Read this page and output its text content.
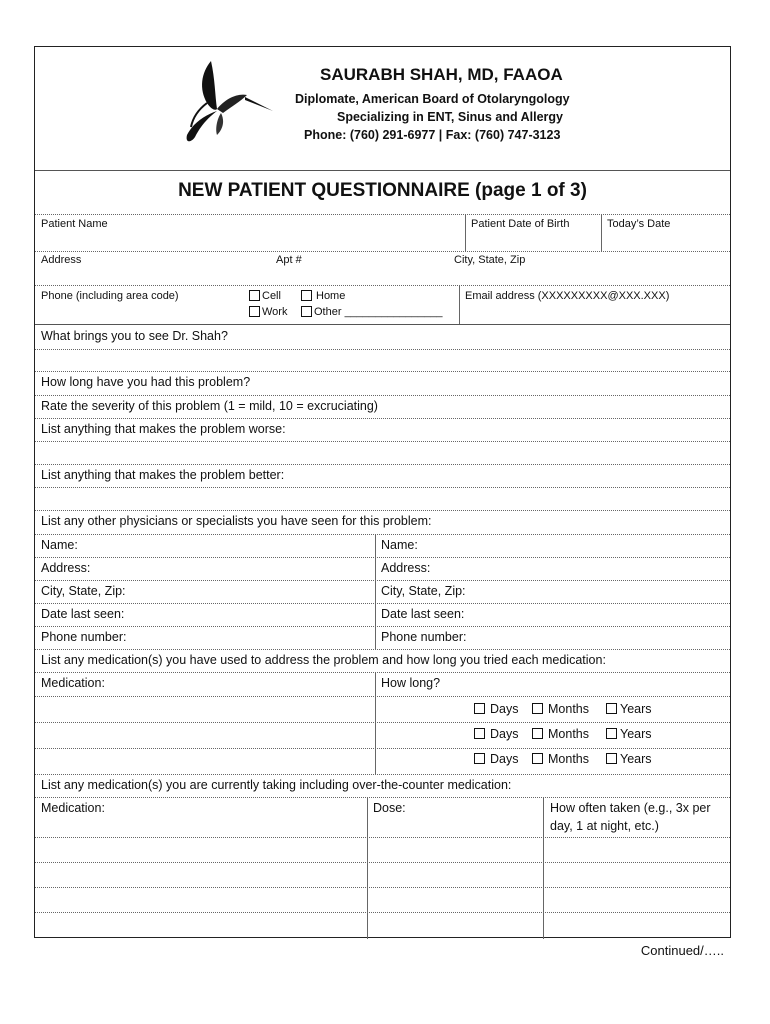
SAURABH SHAH, MD, FAAOA
Diplomate, American Board of Otolaryngology
Specializing in ENT, Sinus and Allergy
Phone: (760) 291-6977 | Fax: (760) 747-3123
NEW PATIENT QUESTIONNAIRE (page 1 of 3)
Patient Name	Patient Date of Birth	Today’s Date
Address	Apt #	City, State, Zip
Phone (including area code)	Cell	Home
Work Other ________________
Email address (XXXXXXXXX@XXX.XXX)
What brings you to see Dr. Shah?
How long have you had this problem?
Rate the severity of this problem (1 = mild, 10 = excruciating)
List anything that makes the problem worse:
List anything that makes the problem better:
List any other physicians or specialists you have seen for this problem:
Name:	Name:
Address:	Address:
City, State, Zip:	City, State, Zip:
Date last seen:	Date last seen:
Phone number:	Phone number:
List any medication(s) you have used to address the problem and how long you tried each medication:
Medication:	How long?
Days Months Years
Days Months Years
Days Months Years
List any medication(s) you are currently taking including over-the-counter medication:
Medication:	Dose:	How often taken (e.g., 3x per
day, 1 at night, etc.)
Continued/…..
